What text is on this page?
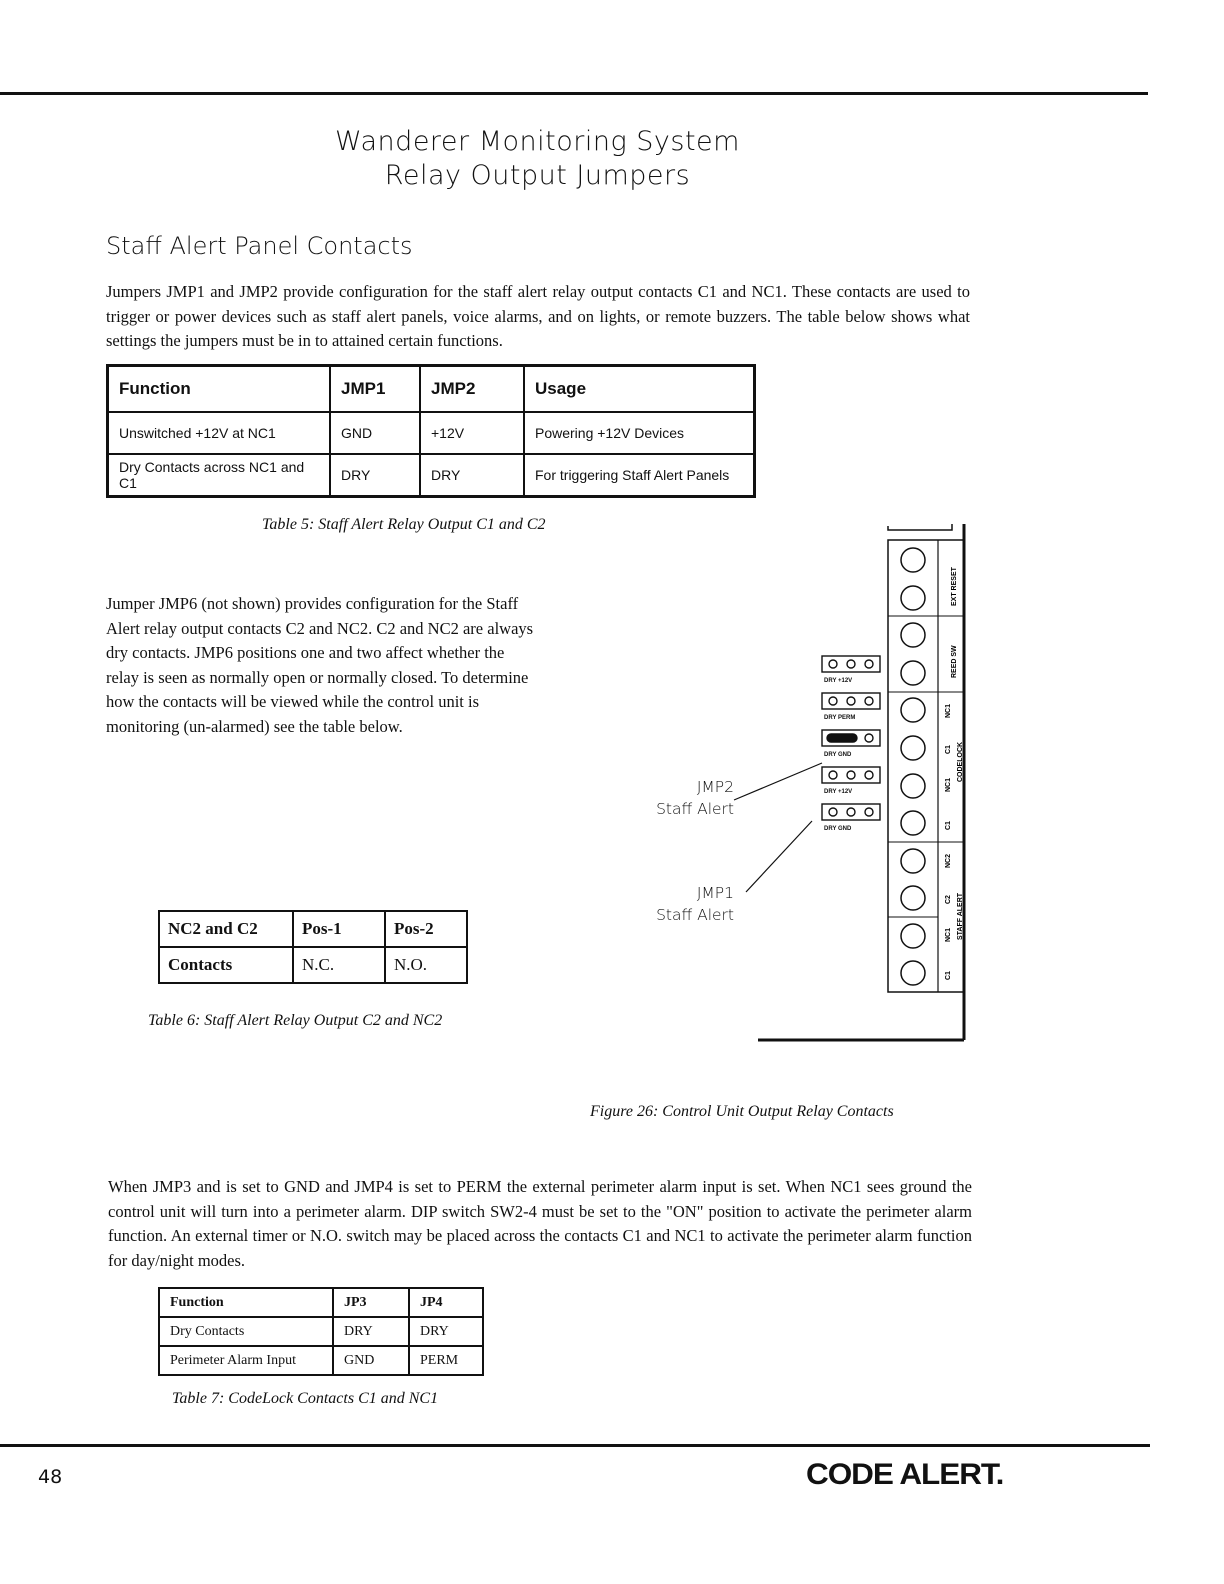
Wanderer Monitoring System
Relay Output Jumpers
Staff Alert Panel Contacts
Jumpers JMP1 and JMP2 provide configuration for the staff alert relay output contacts C1 and NC1. These contacts are used to trigger or power devices such as staff alert panels, voice alarms, and on lights, or remote buzzers. The table below shows what settings the jumpers must be in to attained certain functions.
Function	JMP1	JMP2	Usage
Unswitched +12V at NC1	GND	+12V	Powering +12V Devices
Dry Contacts across NC1 and C1	DRY	DRY	For triggering Staff Alert Panels
Table 5: Staff Alert Relay Output C1 and C2
Jumper JMP6 (not shown) provides configuration for the Staff Alert relay output contacts C2 and NC2. C2 and NC2 are always dry contacts. JMP6 positions one and two affect whether the relay is seen as normally open or normally closed. To determine how the contacts will be viewed while the control unit is monitoring (un-alarmed) see the table below.
NC2 and C2	Pos-1	Pos-2
Contacts	N.C.	N.O.
Table 6: Staff Alert Relay Output C2 and NC2
EXT RESET
REED SW
NC1
C1 CODELOCK
NC1
C1
NC2
C2 STAFF ALERT
NC1
C1
DRY +12V
DRY PERM
DRY GND
DRY +12V
DRY GND
JMP2
Staff Alert
JMP1
Staff Alert
Figure 26: Control Unit Output Relay Contacts
When JMP3 and is set to GND and JMP4 is set to PERM the external perimeter alarm input is set. When NC1 sees ground the control unit will turn into a perimeter alarm. DIP switch SW2-4 must be set to the "ON" position to activate the perimeter alarm function. An external timer or N.O. switch may be placed across the contacts C1 and NC1 to activate the perimeter alarm function for day/night modes.
Function	JP3	JP4
Dry Contacts	DRY	DRY
Perimeter Alarm Input	GND	PERM
Table 7: CodeLock Contacts C1 and NC1
48	CODE ALERT.
